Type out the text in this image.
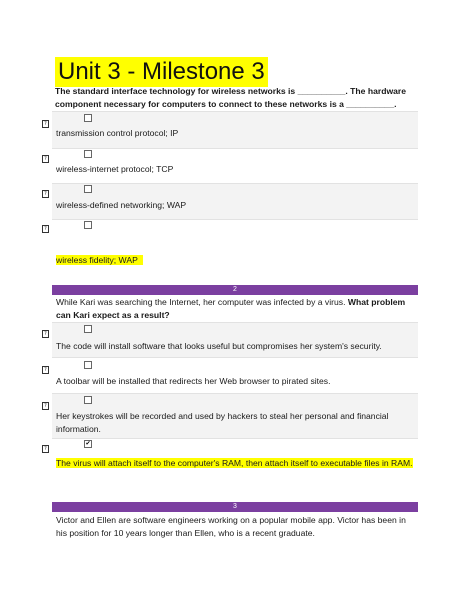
Unit 3 - Milestone 3
The standard interface technology for wireless networks is __________. The hardware component necessary for computers to connect to these networks is a __________.
?
transmission control protocol; IP
?
wireless-internet protocol; TCP
?
wireless-defined networking; WAP
?
wireless fidelity; WAP
2
While Kari was searching the Internet, her computer was infected by a virus. What problem can Kari expect as a result?
?
The code will install software that looks useful but compromises her system's security.
?
A toolbar will be installed that redirects her Web browser to pirated sites.
?
Her keystrokes will be recorded and used by hackers to steal her personal and financial information.
?
✔
The virus will attach itself to the computer's RAM, then attach itself to executable files in RAM.
3
Victor and Ellen are software engineers working on a popular mobile app. Victor has been in his position for 10 years longer than Ellen, who is a recent graduate.
